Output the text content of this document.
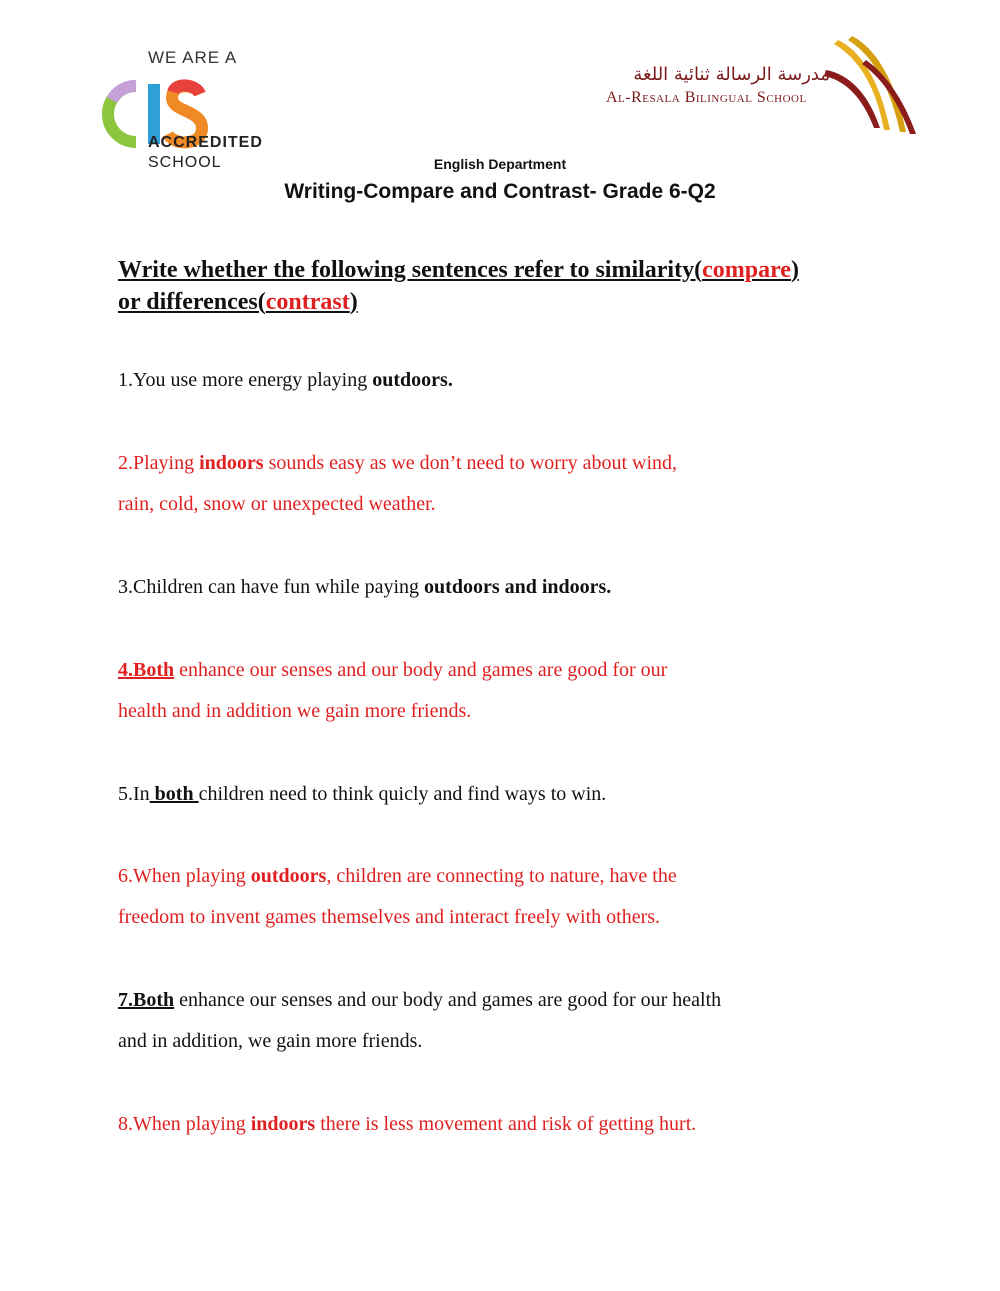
WE ARE A
ACCREDITED
SCHOOL
مدرسة الرسالة ثنائية اللغة
Al-Resala Bilingual School
English Department
Writing-Compare and Contrast- Grade 6-Q2
Write whether the following sentences refer to similarity(compare)
or differences(contrast)
1.You use more energy playing outdoors.
2.Playing indoors sounds easy as we don’t need to worry about wind,
rain, cold, snow or unexpected weather.
3.Children can have fun while paying outdoors and indoors.
4.Both enhance our senses and our body and games are good for our
health and in addition we gain more friends.
5.In both children need to think quicly and find ways to win.
6.When playing outdoors, children are connecting to nature, have the
freedom to invent games themselves and interact freely with others.
7.Both enhance our senses and our body and games are good for our health
and in addition, we gain more friends.
8.When playing indoors there is less movement and risk of getting hurt.
